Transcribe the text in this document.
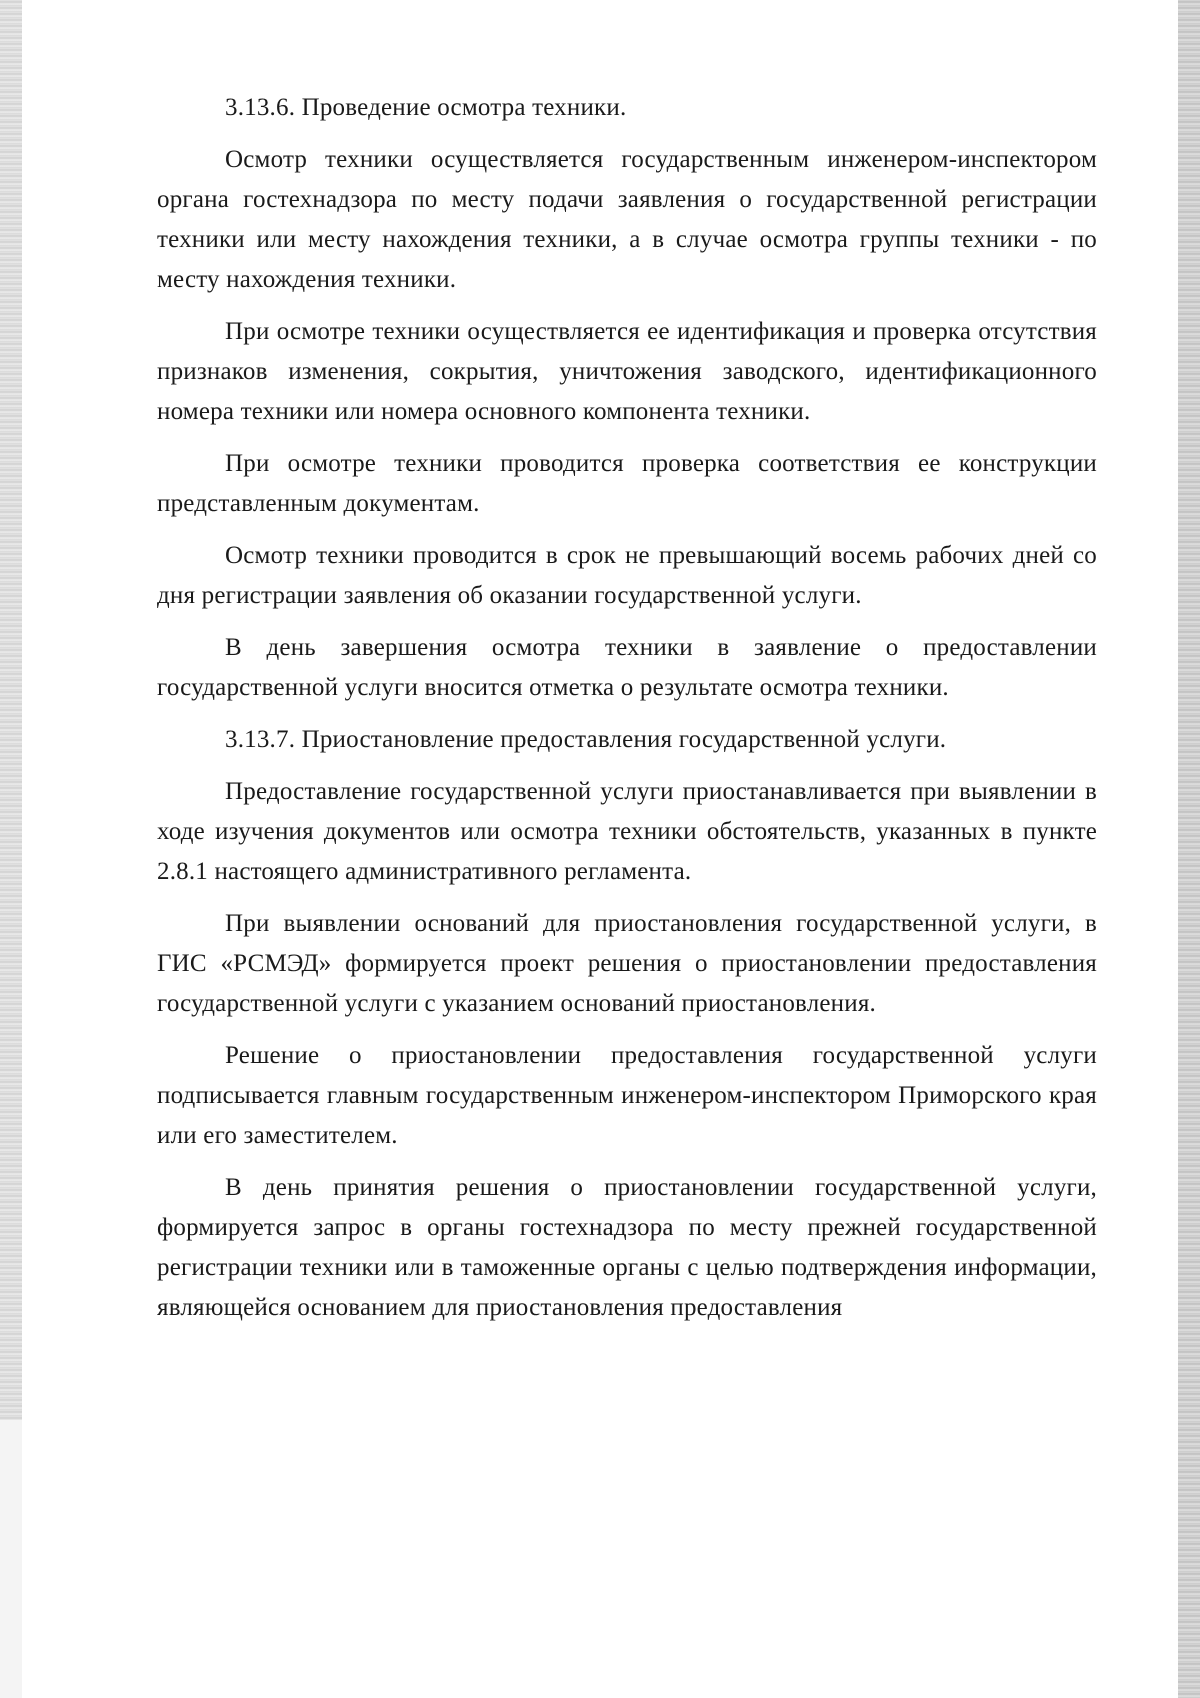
3.13.6. Проведение осмотра техники.

Осмотр техники осуществляется государственным инженером-инспектором органа гостехнадзора по месту подачи заявления о государственной регистрации техники или месту нахождения техники, а в случае осмотра группы техники - по месту нахождения техники.

При осмотре техники осуществляется ее идентификация и проверка отсутствия признаков изменения, сокрытия, уничтожения заводского, идентификационного номера техники или номера основного компонента техники.

При осмотре техники проводится проверка соответствия ее конструкции представленным документам.

Осмотр техники проводится в срок не превышающий восемь рабочих дней со дня регистрации заявления об оказании государственной услуги.

В день завершения осмотра техники в заявление о предоставлении государственной услуги вносится отметка о результате осмотра техники.

3.13.7. Приостановление предоставления государственной услуги.

Предоставление государственной услуги приостанавливается при выявлении в ходе изучения документов или осмотра техники обстоятельств, указанных в пункте 2.8.1 настоящего административного регламента.

При выявлении оснований для приостановления государственной услуги, в ГИС «РСМЭД» формируется проект решения о приостановлении предоставления государственной услуги с указанием оснований приостановления.

Решение о приостановлении предоставления государственной услуги подписывается главным государственным инженером-инспектором Приморского края или его заместителем.

В день принятия решения о приостановлении государственной услуги, формируется запрос в органы гостехнадзора по месту прежней государственной регистрации техники или в таможенные органы с целью подтверждения информации, являющейся основанием для приостановления предоставления
